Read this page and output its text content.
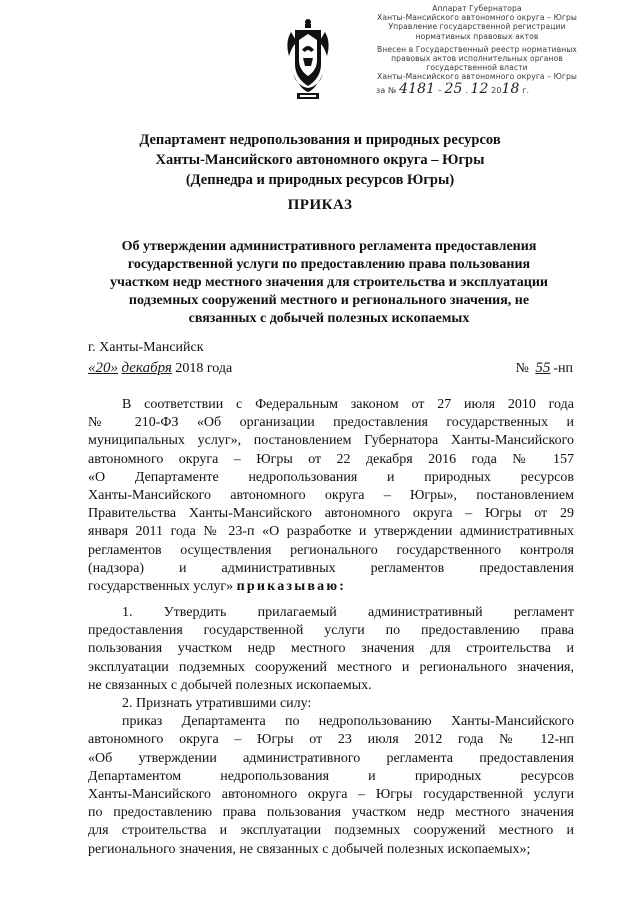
Аппарат Губернатора
Ханты-Мансийского автономного округа – Югры
Управление государственной регистрации
нормативных правовых актов
Внесен в Государственный реестр нормативных
правовых актов исполнительных органов
государственной власти
Ханты-Мансийского автономного округа – Югры
за № 4181 – 25 . 12 2018 г.
Департамент недропользования и природных ресурсов
Ханты-Мансийского автономного округа – Югры
(Депнедра и природных ресурсов Югры)
ПРИКАЗ
Об утверждении административного регламента предоставления
государственной услуги по предоставлению права пользования
участком недр местного значения для строительства и эксплуатации
подземных сооружений местного и регионального значения, не
связанных с добычей полезных ископаемых
г. Ханты-Мансийск
«20» декабря 2018 года	№ 55 -нп
В соответствии с Федеральным законом от 27 июля 2010 года
№ 210-ФЗ «Об организации предоставления государственных и
муниципальных услуг», постановлением Губернатора Ханты-Мансийского
автономного округа – Югры от 22 декабря 2016 года № 157
«О Департаменте недропользования и природных ресурсов
Ханты-Мансийского автономного округа – Югры», постановлением
Правительства Ханты-Мансийского автономного округа – Югры от 29
января 2011 года № 23-п «О разработке и утверждении административных
регламентов осуществления регионального государственного контроля
(надзора) и административных регламентов предоставления
государственных услуг» приказываю:
1. Утвердить прилагаемый административный регламент
предоставления государственной услуги по предоставлению права
пользования участком недр местного значения для строительства и
эксплуатации подземных сооружений местного и регионального значения,
не связанных с добычей полезных ископаемых.
2. Признать утратившими силу:
приказ Департамента по недропользованию Ханты-Мансийского
автономного округа – Югры от 23 июля 2012 года № 12-нп
«Об утверждении административного регламента предоставления
Департаментом недропользования и природных ресурсов
Ханты-Мансийского автономного округа – Югры государственной услуги
по предоставлению права пользования участком недр местного значения
для строительства и эксплуатации подземных сооружений местного и
регионального значения, не связанных с добычей полезных ископаемых»;
